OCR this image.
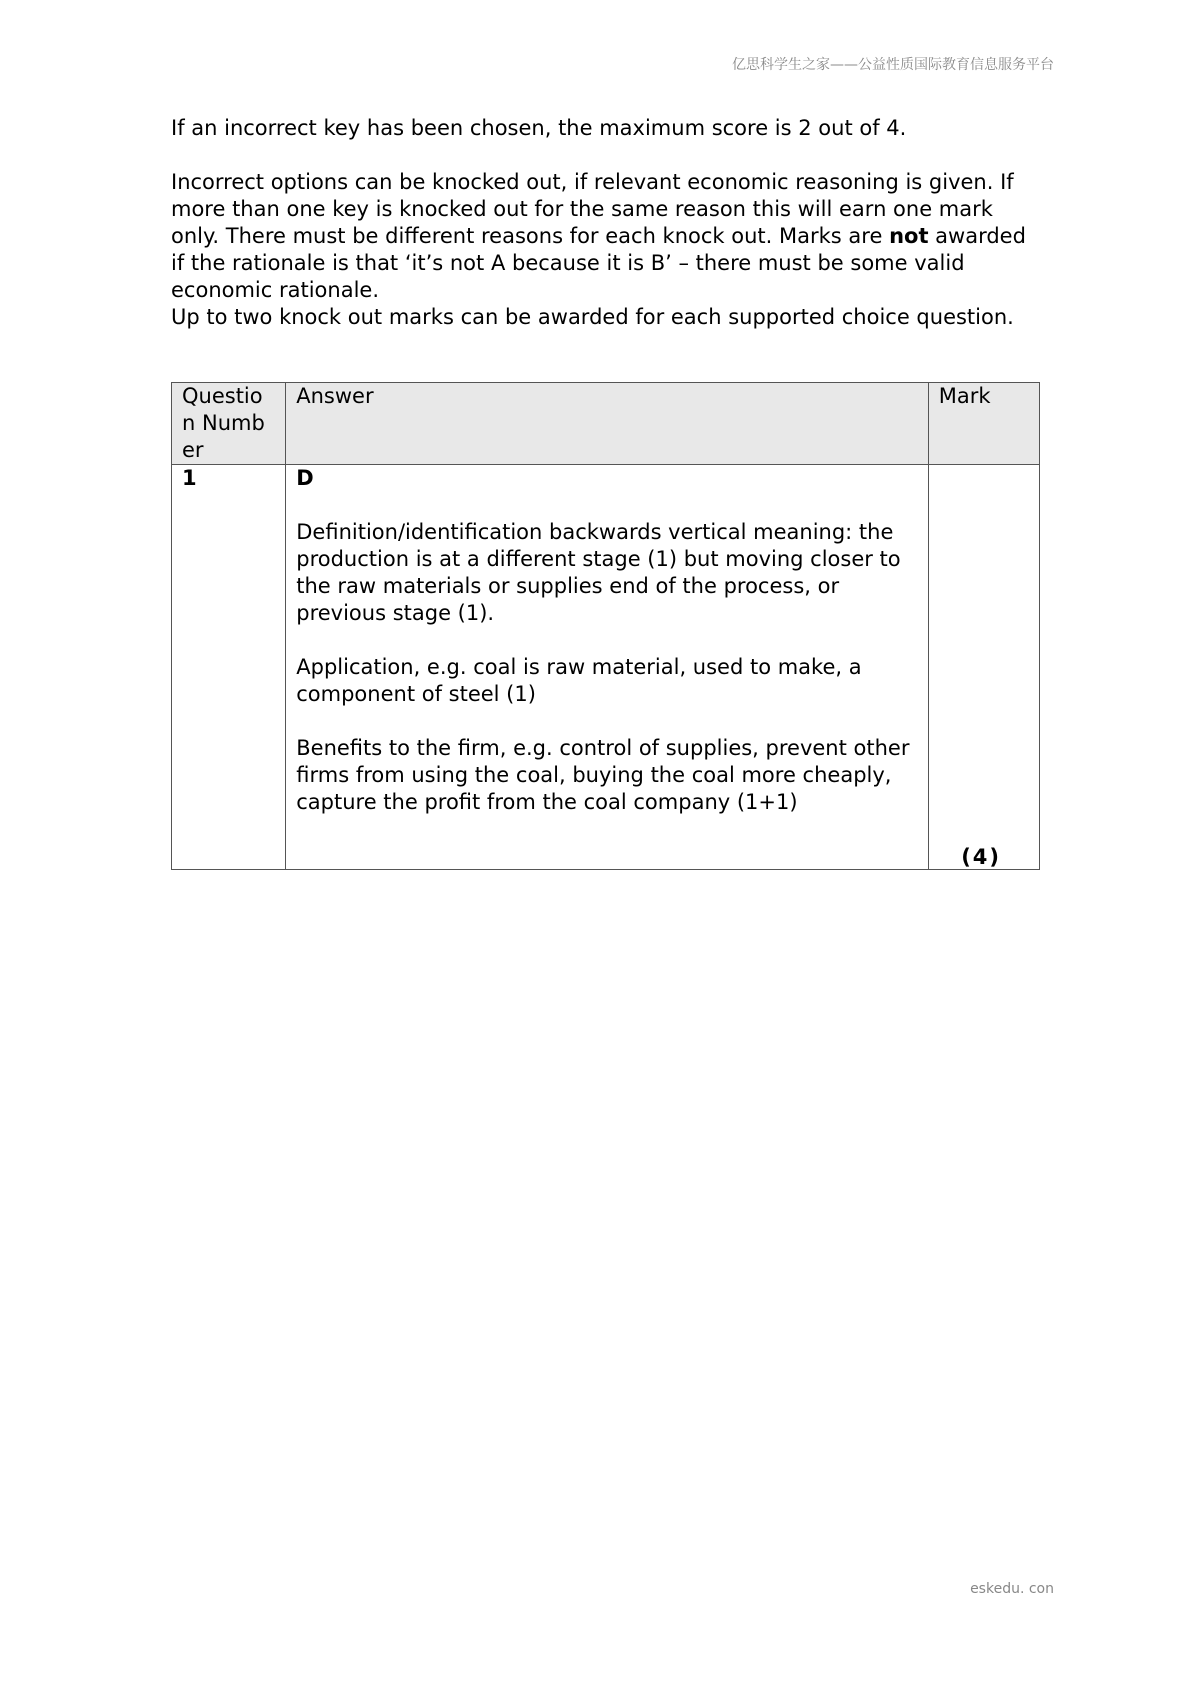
亿思科学生之家——公益性质国际教育信息服务平台

If an incorrect key has been chosen, the maximum score is 2 out of 4.

Incorrect options can be knocked out, if relevant economic reasoning is given. If more than one key is knocked out for the same reason this will earn one mark only. There must be different reasons for each knock out. Marks are not awarded if the rationale is that ‘it’s not A because it is B’ – there must be some valid economic rationale.

Up to two knock out marks can be awarded for each supported choice question.

Question Number	Answer	Mark
1	D
Definition/identification backwards vertical meaning: the production is at a different stage (1) but moving closer to the raw materials or supplies end of the process, or previous stage (1).
Application, e.g. coal is raw material, used to make, a component of steel (1)
Benefits to the firm, e.g. control of supplies, prevent other firms from using the coal, buying the coal more cheaply, capture the profit from the coal company (1+1)	(4)
eskedu. con
